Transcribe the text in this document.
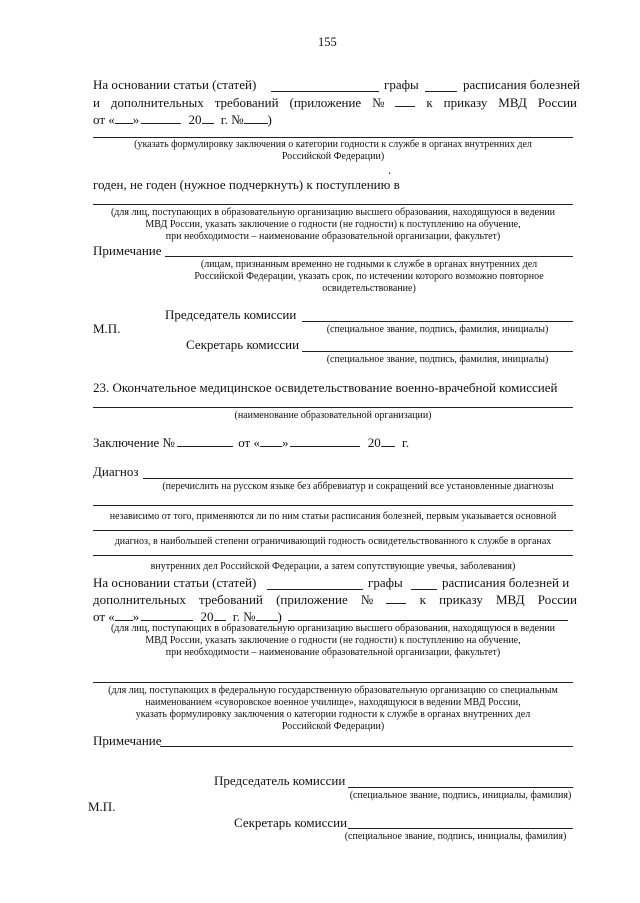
155
На основании статьи (статей)	графы	расписания болезней
и дополнительных требований (приложение №	к приказу МВД России
от « »	20 г. № )
(указать формулировку заключения о категории годности к службе в органах внутренних дел
Российской Федерации)
.
годен, не годен (нужное подчеркнуть) к поступлению в
(для лиц, поступающих в образовательную организацию высшего образования, находящуюся в ведении
МВД России, указать заключение о годности (не годности) к поступлению на обучение,
при необходимости – наименование образовательной организации, факультет)
Примечание
(лицам, признанным временно не годными к службе в органах внутренних дел
Российской Федерации, указать срок, по истечении которого возможно повторное
освидетельствование)
Председатель комиссии
(специальное звание, подпись, фамилия, инициалы)
М.П.
Секретарь комиссии
(специальное звание, подпись, фамилия, инициалы)
23. Окончательное медицинское освидетельствование военно-врачебной комиссией
(наименование образовательной организации)
Заключение №	от « »	20 г.
Диагноз
(перечислить на русском языке без аббревиатур и сокращений все установленные диагнозы
независимо от того, применяются ли по ним статьи расписания болезней, первым указывается основной
диагноз, в наибольшей степени ограничивающий годность освидетельствованного к службе в органах
внутренних дел Российской Федерации, а затем сопутствующие увечья, заболевания)
На основании статьи (статей)	графы	расписания болезней и
дополнительных требований (приложение №	к приказу МВД России
от « »	20 г. № )
(для лиц, поступающих в образовательную организацию высшего образования, находящуюся в ведении
МВД России, указать заключение о годности (не годности) к поступлению на обучение,
при необходимости – наименование образовательной организации, факультет)
(для лиц, поступающих в федеральную государственную образовательную организацию со специальным
наименованием «суворовское военное училище», находящуюся в ведении МВД России,
указать формулировку заключения о категории годности к службе в органах внутренних дел
Российской Федерации)
Примечание
Председатель комиссии
(специальное звание, подпись, инициалы, фамилия)
М.П.
Секретарь комиссии
(специальное звание, подпись, инициалы, фамилия)
